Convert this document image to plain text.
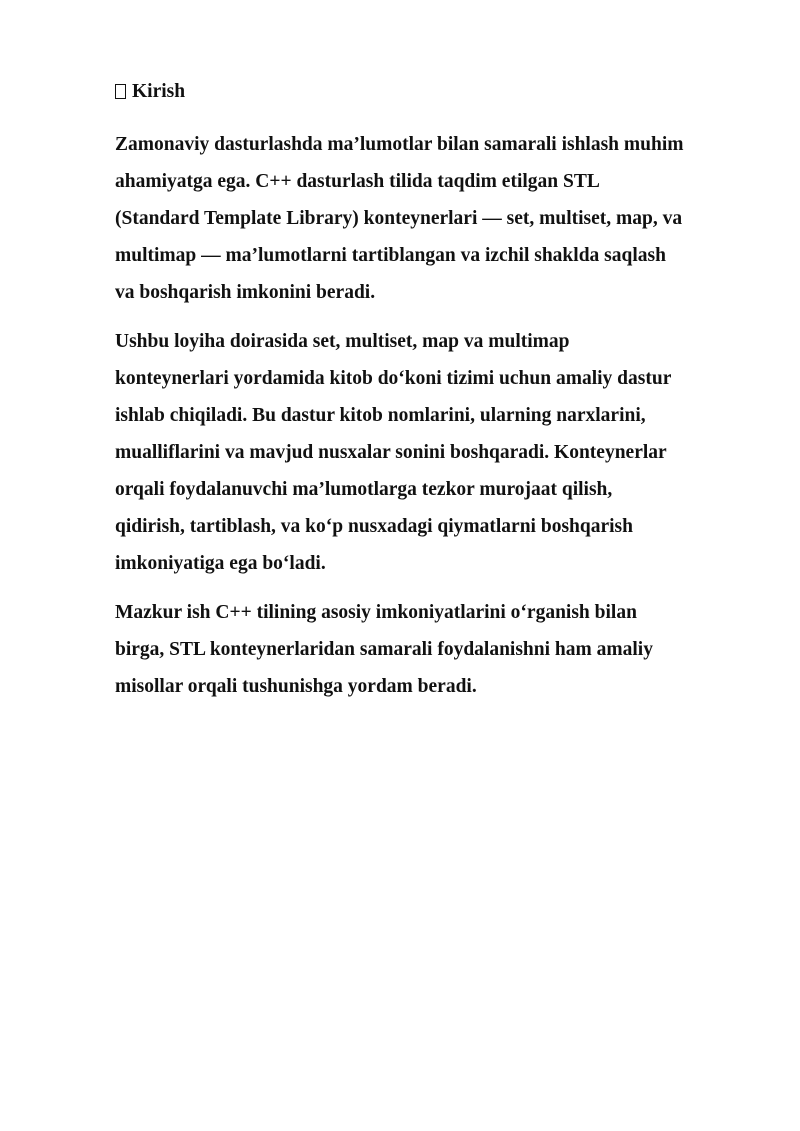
Kirish

Zamonaviy dasturlashda ma’lumotlar bilan samarali ishlash muhim
ahamiyatga ega. C++ dasturlash tilida taqdim etilgan STL
(Standard Template Library) konteynerlari — set, multiset, map, va
multimap — ma’lumotlarni tartiblangan va izchil shaklda saqlash
va boshqarish imkonini beradi.

Ushbu loyiha doirasida set, multiset, map va multimap
konteynerlari yordamida kitob do‘koni tizimi uchun amaliy dastur
ishlab chiqiladi. Bu dastur kitob nomlarini, ularning narxlarini,
mualliflarini va mavjud nusxalar sonini boshqaradi. Konteynerlar
orqali foydalanuvchi ma’lumotlarga tezkor murojaat qilish,
qidirish, tartiblash, va ko‘p nusxadagi qiymatlarni boshqarish
imkoniyatiga ega bo‘ladi.

Mazkur ish C++ tilining asosiy imkoniyatlarini o‘rganish bilan
birga, STL konteynerlaridan samarali foydalanishni ham amaliy
misollar orqali tushunishga yordam beradi.
